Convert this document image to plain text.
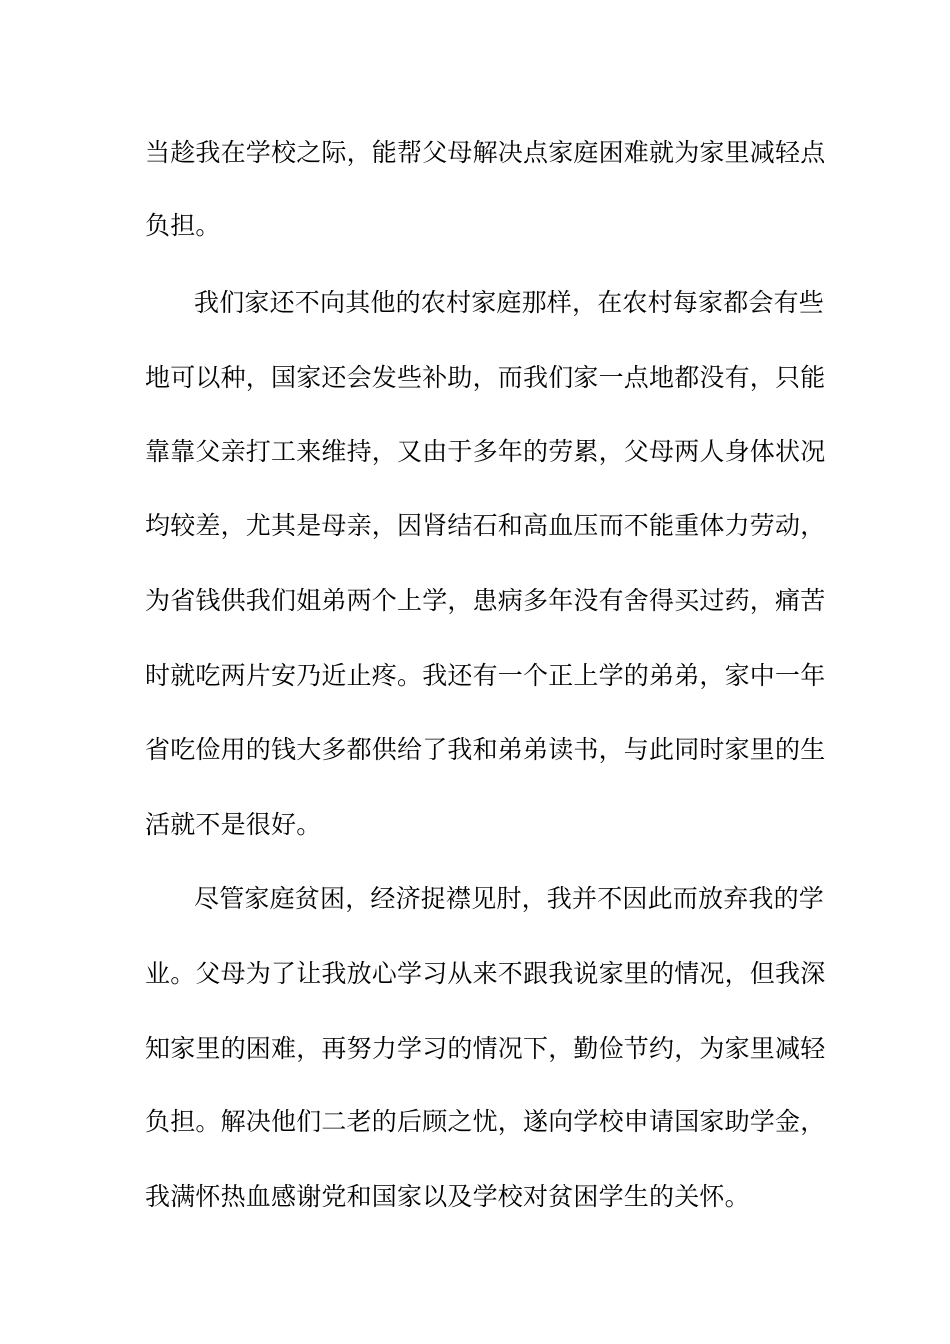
当趁我在学校之际，能帮父母解决点家庭困难就为家里减轻点
负担。
我们家还不向其他的农村家庭那样，在农村每家都会有些
地可以种，国家还会发些补助，而我们家一点地都没有，只能
靠靠父亲打工来维持，又由于多年的劳累，父母两人身体状况
均较差，尤其是母亲，因肾结石和高血压而不能重体力劳动，
为省钱供我们姐弟两个上学，患病多年没有舍得买过药，痛苦
时就吃两片安乃近止疼。我还有一个正上学的弟弟，家中一年
省吃俭用的钱大多都供给了我和弟弟读书，与此同时家里的生
活就不是很好。
尽管家庭贫困，经济捉襟见肘，我并不因此而放弃我的学
业。父母为了让我放心学习从来不跟我说家里的情况，但我深
知家里的困难，再努力学习的情况下，勤俭节约，为家里减轻
负担。解决他们二老的后顾之忧，遂向学校申请国家助学金，
我满怀热血感谢党和国家以及学校对贫困学生的关怀。
